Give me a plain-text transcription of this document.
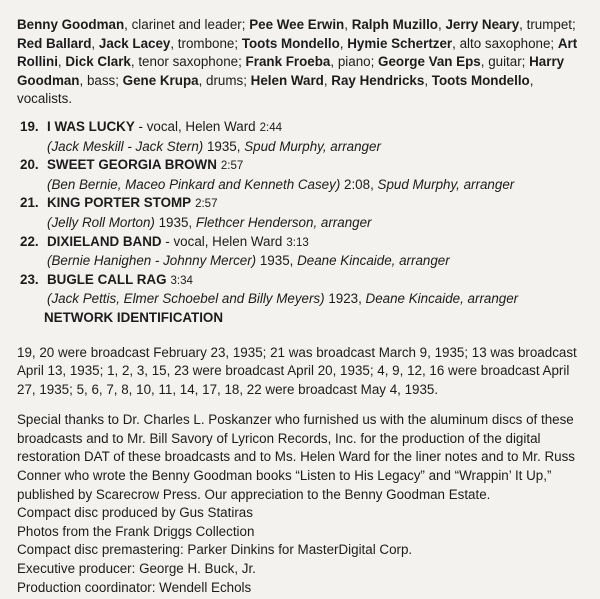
Benny Goodman, clarinet and leader; Pee Wee Erwin, Ralph Muzillo, Jerry Neary, trumpet; Red Ballard, Jack Lacey, trombone; Toots Mondello, Hymie Schertzer, alto saxophone; Art Rollini, Dick Clark, tenor saxophone; Frank Froeba, piano; George Van Eps, guitar; Harry Goodman, bass; Gene Krupa, drums; Helen Ward, Ray Hendricks, Toots Mondello, vocalists.

19. I WAS LUCKY - vocal, Helen Ward 2:44
(Jack Meskill - Jack Stern) 1935, Spud Murphy, arranger
20. SWEET GEORGIA BROWN 2:57
(Ben Bernie, Maceo Pinkard and Kenneth Casey) 2:08, Spud Murphy, arranger
21. KING PORTER STOMP 2:57
(Jelly Roll Morton) 1935, Flethcer Henderson, arranger
22. DIXIELAND BAND - vocal, Helen Ward 3:13
(Bernie Hanighen - Johnny Mercer) 1935, Deane Kincaide, arranger
23. BUGLE CALL RAG 3:34
(Jack Pettis, Elmer Schoebel and Billy Meyers) 1923, Deane Kincaide, arranger
NETWORK IDENTIFICATION

19, 20 were broadcast February 23, 1935; 21 was broadcast March 9, 1935; 13 was broadcast April 13, 1935; 1, 2, 3, 15, 23 were broadcast April 20, 1935; 4, 9, 12, 16 were broadcast April 27, 1935; 5, 6, 7, 8, 10, 11, 14, 17, 18, 22 were broadcast May 4, 1935.

Special thanks to Dr. Charles L. Poskanzer who furnished us with the aluminum discs of these broadcasts and to Mr. Bill Savory of Lyricon Records, Inc. for the production of the digital restoration DAT of these broadcasts and to Ms. Helen Ward for the liner notes and to Mr. Russ Conner who wrote the Benny Goodman books “Listen to His Legacy” and “Wrappin’ It Up,” published by Scarecrow Press. Our appreciation to the Benny Goodman Estate.

Compact disc produced by Gus Statiras
Photos from the Frank Driggs Collection
Compact disc premastering: Parker Dinkins for MasterDigital Corp.
Executive producer: George H. Buck, Jr.
Production coordinator: Wendell Echols
